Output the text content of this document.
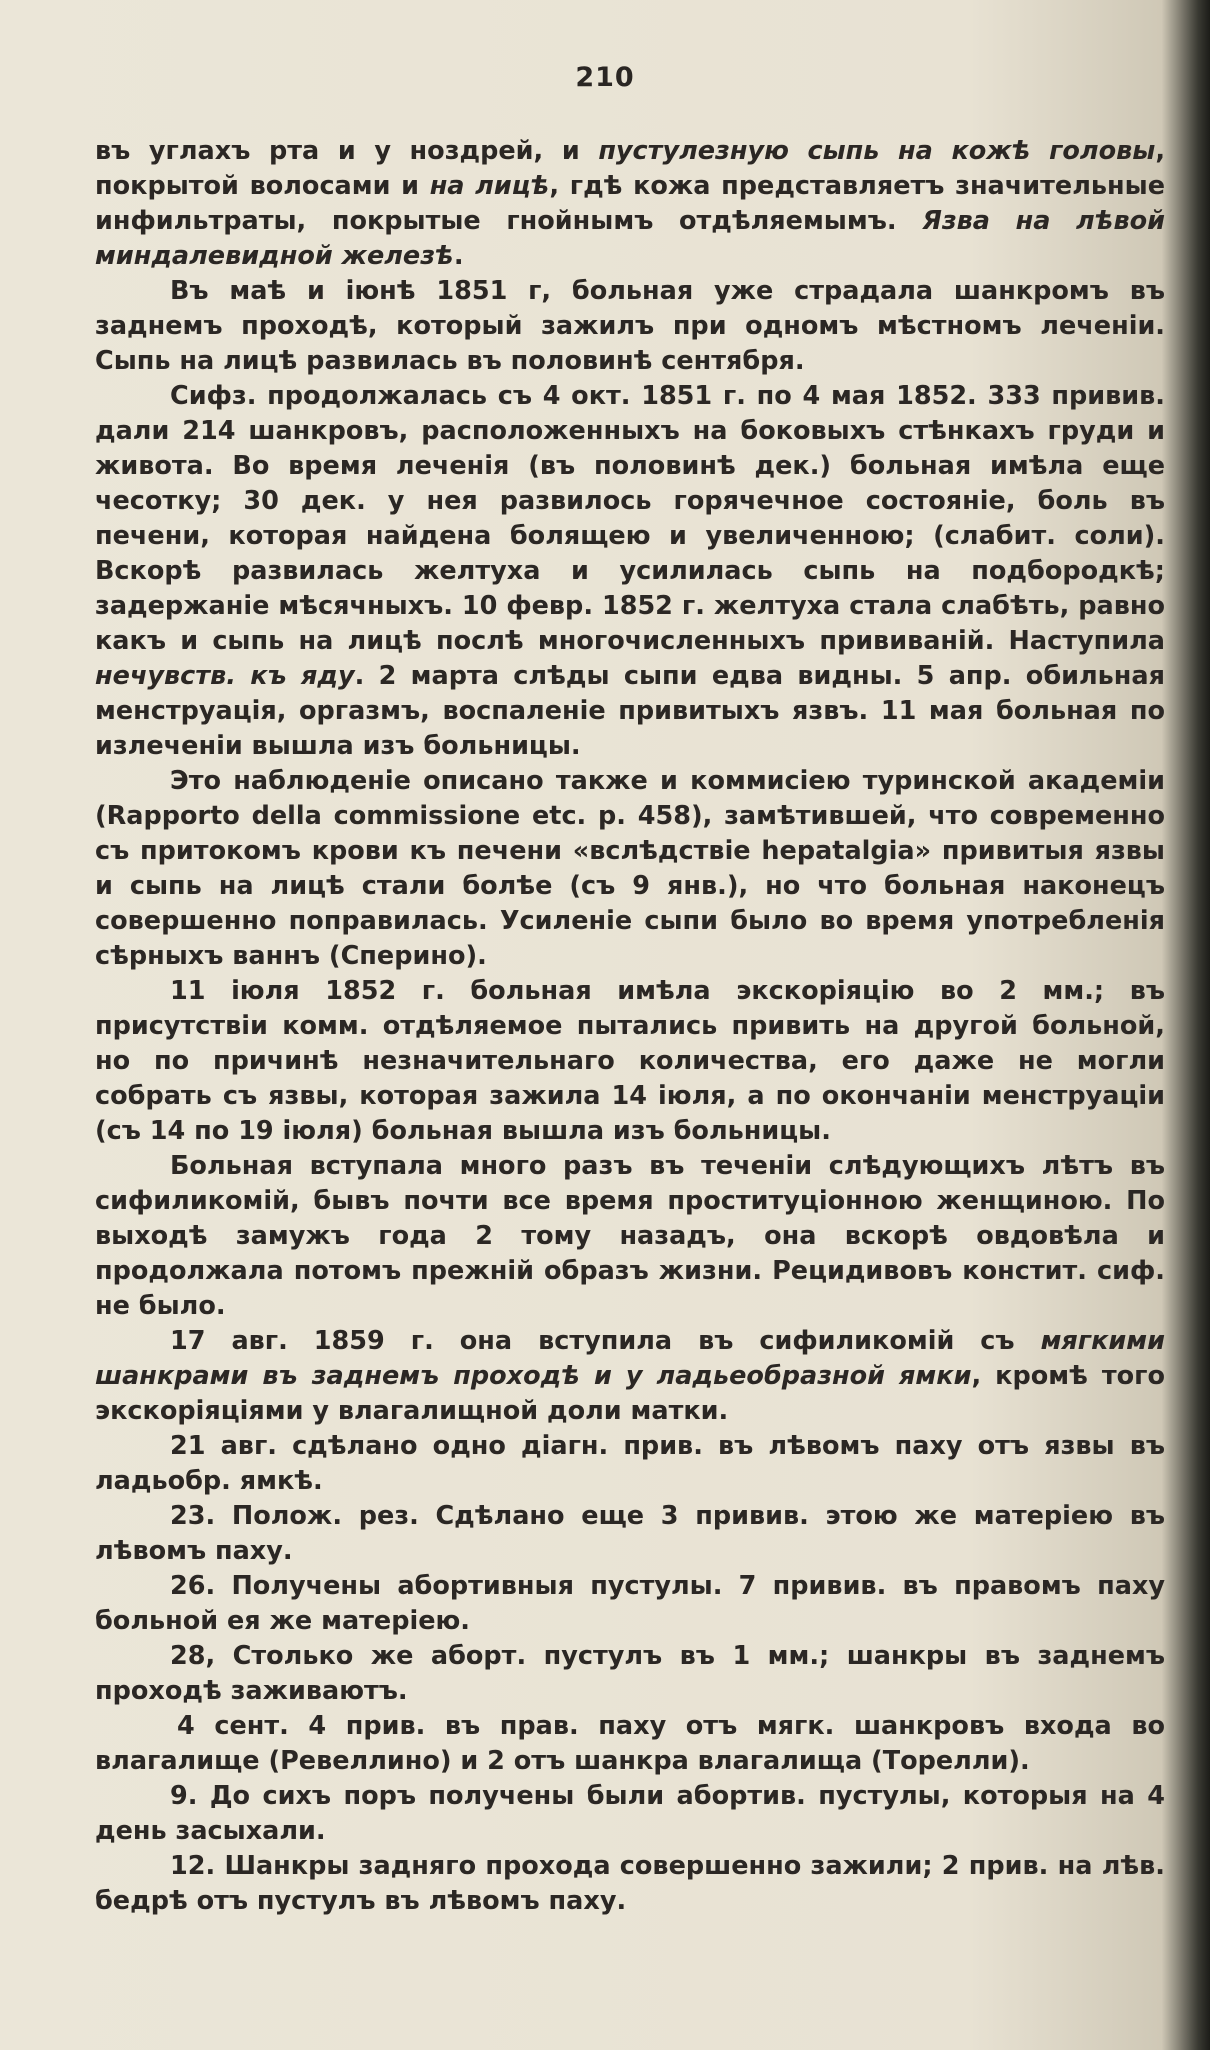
210

въ углахъ рта и у ноздрей, и пустулезную сыпь на кожѣ головы, покрытой волосами и на лицѣ, гдѣ кожа представляетъ значительные инфильтраты, покрытые гнойнымъ отдѣляемымъ. Язва на лѣвой миндалевидной железѣ.

Въ маѣ и іюнѣ 1851 г, больная уже страдала шанкромъ въ заднемъ проходѣ, который зажилъ при одномъ мѣстномъ леченіи. Сыпь на лицѣ развилась въ половинѣ сентября.

Сифз. продолжалась съ 4 окт. 1851 г. по 4 мая 1852. 333 привив. дали 214 шанкровъ, расположенныхъ на боковыхъ стѣнкахъ груди и живота. Во время леченія (въ половинѣ дек.) больная имѣла еще чесотку; 30 дек. у нея развилось горячечное состояніе, боль въ печени, которая найдена болящею и увеличенною; (слабит. соли). Вскорѣ развилась желтуха и усилилась сыпь на подбородкѣ; задержаніе мѣсячныхъ. 10 февр. 1852 г. желтуха стала слабѣть, равно какъ и сыпь на лицѣ послѣ многочисленныхъ прививаній. Наступила нечувств. къ яду. 2 марта слѣды сыпи едва видны. 5 апр. обильная менструація, оргазмъ, воспаленіе привитыхъ язвъ. 11 мая больная по излеченіи вышла изъ больницы.

Это наблюденіе описано также и коммисіею туринской академіи (Rapporto della commissione etc. p. 458), замѣтившей, что современно съ притокомъ крови къ печени «вслѣдствіе hepatalgia» привитыя язвы и сыпь на лицѣ стали болѣе (съ 9 янв.), но что больная наконецъ совершенно поправилась. Усиленіе сыпи было во время употребленія сѣрныхъ ваннъ (Сперино).

11 іюля 1852 г. больная имѣла экскоріяцію во 2 мм.; въ присутствіи комм. отдѣляемое пытались привить на другой больной, но по причинѣ незначительнаго количества, его даже не могли собрать съ язвы, которая зажила 14 іюля, а по окончаніи менструаціи (съ 14 по 19 іюля) больная вышла изъ больницы.

Больная вступала много разъ въ теченіи слѣдующихъ лѣтъ въ сифиликомій, бывъ почти все время проституціонною женщиною. По выходѣ замужъ года 2 тому назадъ, она вскорѣ овдовѣла и продолжала потомъ прежній образъ жизни. Рецидивовъ констит. сиф. не было.

17 авг. 1859 г. она вступила въ сифиликомій съ мягкими шанкрами въ заднемъ проходѣ и у ладьеобразной ямки, кромѣ того экскоріяціями у влагалищной доли матки.

21 авг. сдѣлано одно діагн. прив. въ лѣвомъ паху отъ язвы въ ладьобр. ямкѣ.

23. Полож. рез. Сдѣлано еще 3 привив. этою же матеріею въ лѣвомъ паху.

26. Получены абортивныя пустулы. 7 привив. въ правомъ паху больной ея же матеріею.

28, Столько же аборт. пустулъ въ 1 мм.; шанкры въ заднемъ проходѣ заживаютъ.

4 сент. 4 прив. въ прав. паху отъ мягк. шанкровъ входа во влагалище (Ревеллино) и 2 отъ шанкра влагалища (Торелли).

9. До сихъ поръ получены были абортив. пустулы, которыя на 4 день засыхали.

12. Шанкры задняго прохода совершенно зажили; 2 прив. на лѣв. бедрѣ отъ пустулъ въ лѣвомъ паху.
